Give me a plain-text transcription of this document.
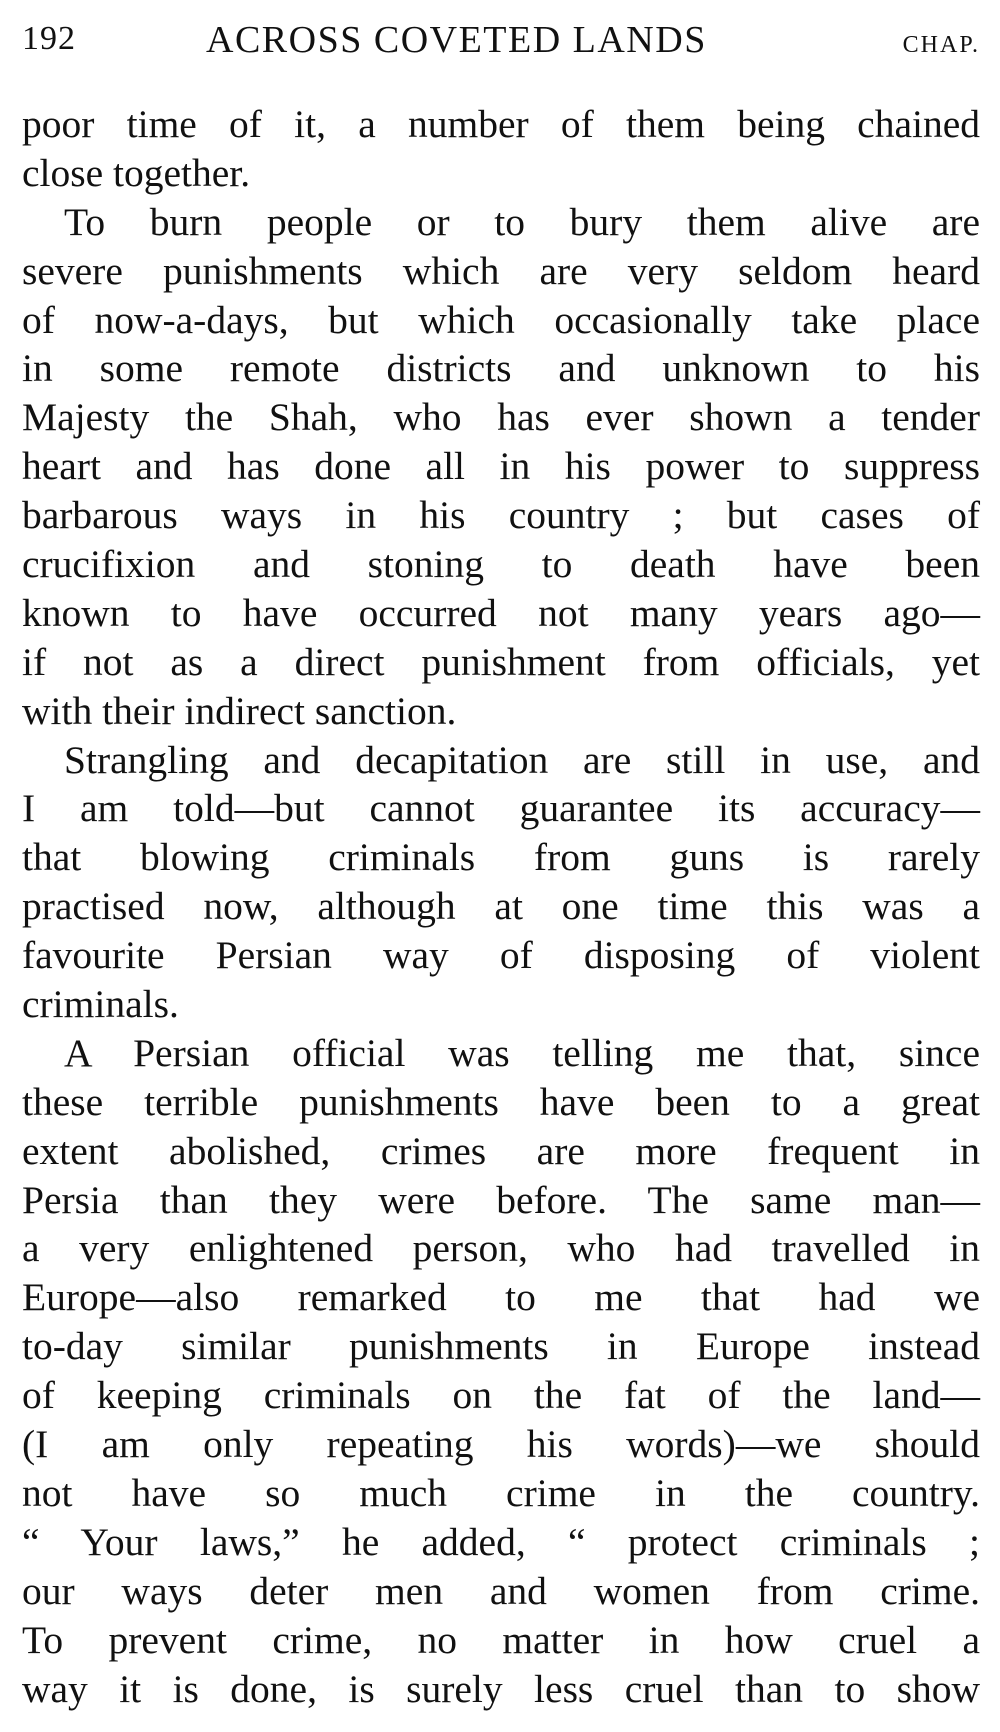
192	ACROSS COVETED LANDS	CHAP.
poor time of it, a number of them being chained
close together.
To burn people or to bury them alive are
severe punishments which are very seldom heard
of now-a-days, but which occasionally take place
in some remote districts and unknown to his
Majesty the Shah, who has ever shown a tender
heart and has done all in his power to suppress
barbarous ways in his country ; but cases of
crucifixion and stoning to death have been
known to have occurred not many years ago—
if not as a direct punishment from officials, yet
with their indirect sanction.
Strangling and decapitation are still in use, and
I am told—but cannot guarantee its accuracy—
that blowing criminals from guns is rarely
practised now, although at one time this was a
favourite Persian way of disposing of violent
criminals.
A Persian official was telling me that, since
these terrible punishments have been to a great
extent abolished, crimes are more frequent in
Persia than they were before. The same man—
a very enlightened person, who had travelled in
Europe—also remarked to me that had we
to-day similar punishments in Europe instead
of keeping criminals on the fat of the land—
(I am only repeating his words)—we should
not have so much crime in the country.
“ Your laws,” he added, “ protect criminals ;
our ways deter men and women from crime.
To prevent crime, no matter in how cruel a
way it is done, is surely less cruel than to show
